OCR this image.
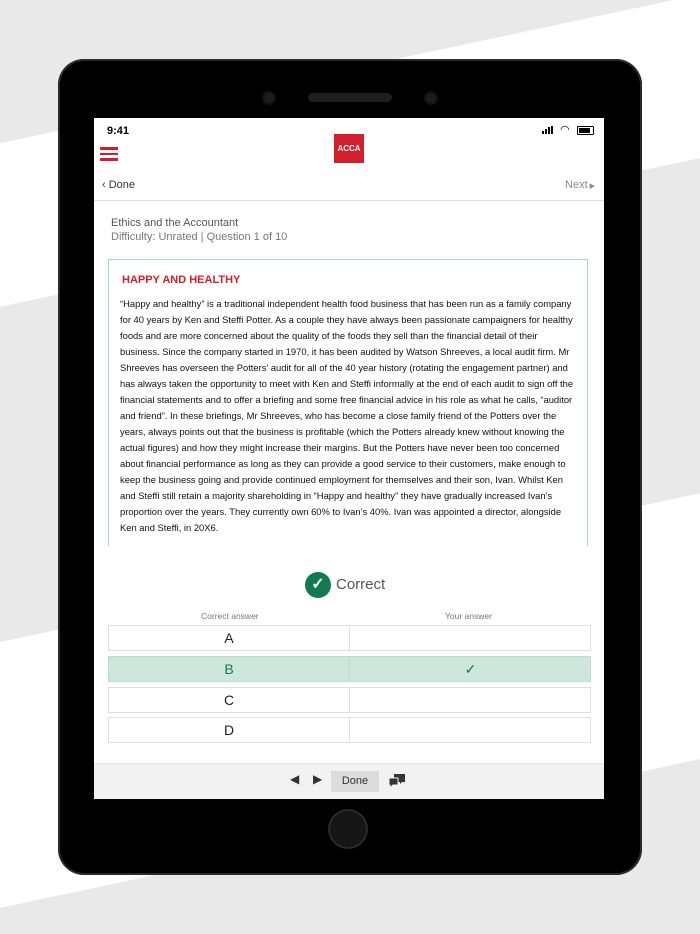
9:41	◠
ACCA
‹ Done	Next ▶
Ethics and the Accountant
Difficulty: Unrated | Question 1 of 10
HAPPY AND HEALTHY
“Happy and healthy” is a traditional independent health food business that has been run as a family company for 40 years by Ken and Steffi Potter. As a couple they have always been passionate campaigners for healthy foods and are more concerned about the quality of the foods they sell than the financial detail of their business. Since the company started in 1970, it has been audited by Watson Shreeves, a local audit firm. Mr Shreeves has overseen the Potters’ audit for all of the 40 year history (rotating the engagement partner) and has always taken the opportunity to meet with Ken and Steffi informally at the end of each audit to sign off the financial statements and to offer a briefing and some free financial advice in his role as what he calls, “auditor and friend”. In these briefings, Mr Shreeves, who has become a close family friend of the Potters over the years, always points out that the business is profitable (which the Potters already knew without knowing the actual figures) and how they might increase their margins. But the Potters have never been too concerned about financial performance as long as they can provide a good service to their customers, make enough to keep the business going and provide continued employment for themselves and their son, Ivan. Whilst Ken and Steffi still retain a majority shareholding in “Happy and healthy” they have gradually increased Ivan’s proportion over the years. They currently own 60% to Ivan’s 40%. Ivan was appointed a director, alongside Ken and Steffi, in 20X6.
✓ Correct
Correct answer	Your answer
A
B	✓
C
D
◀ ▶	Done
